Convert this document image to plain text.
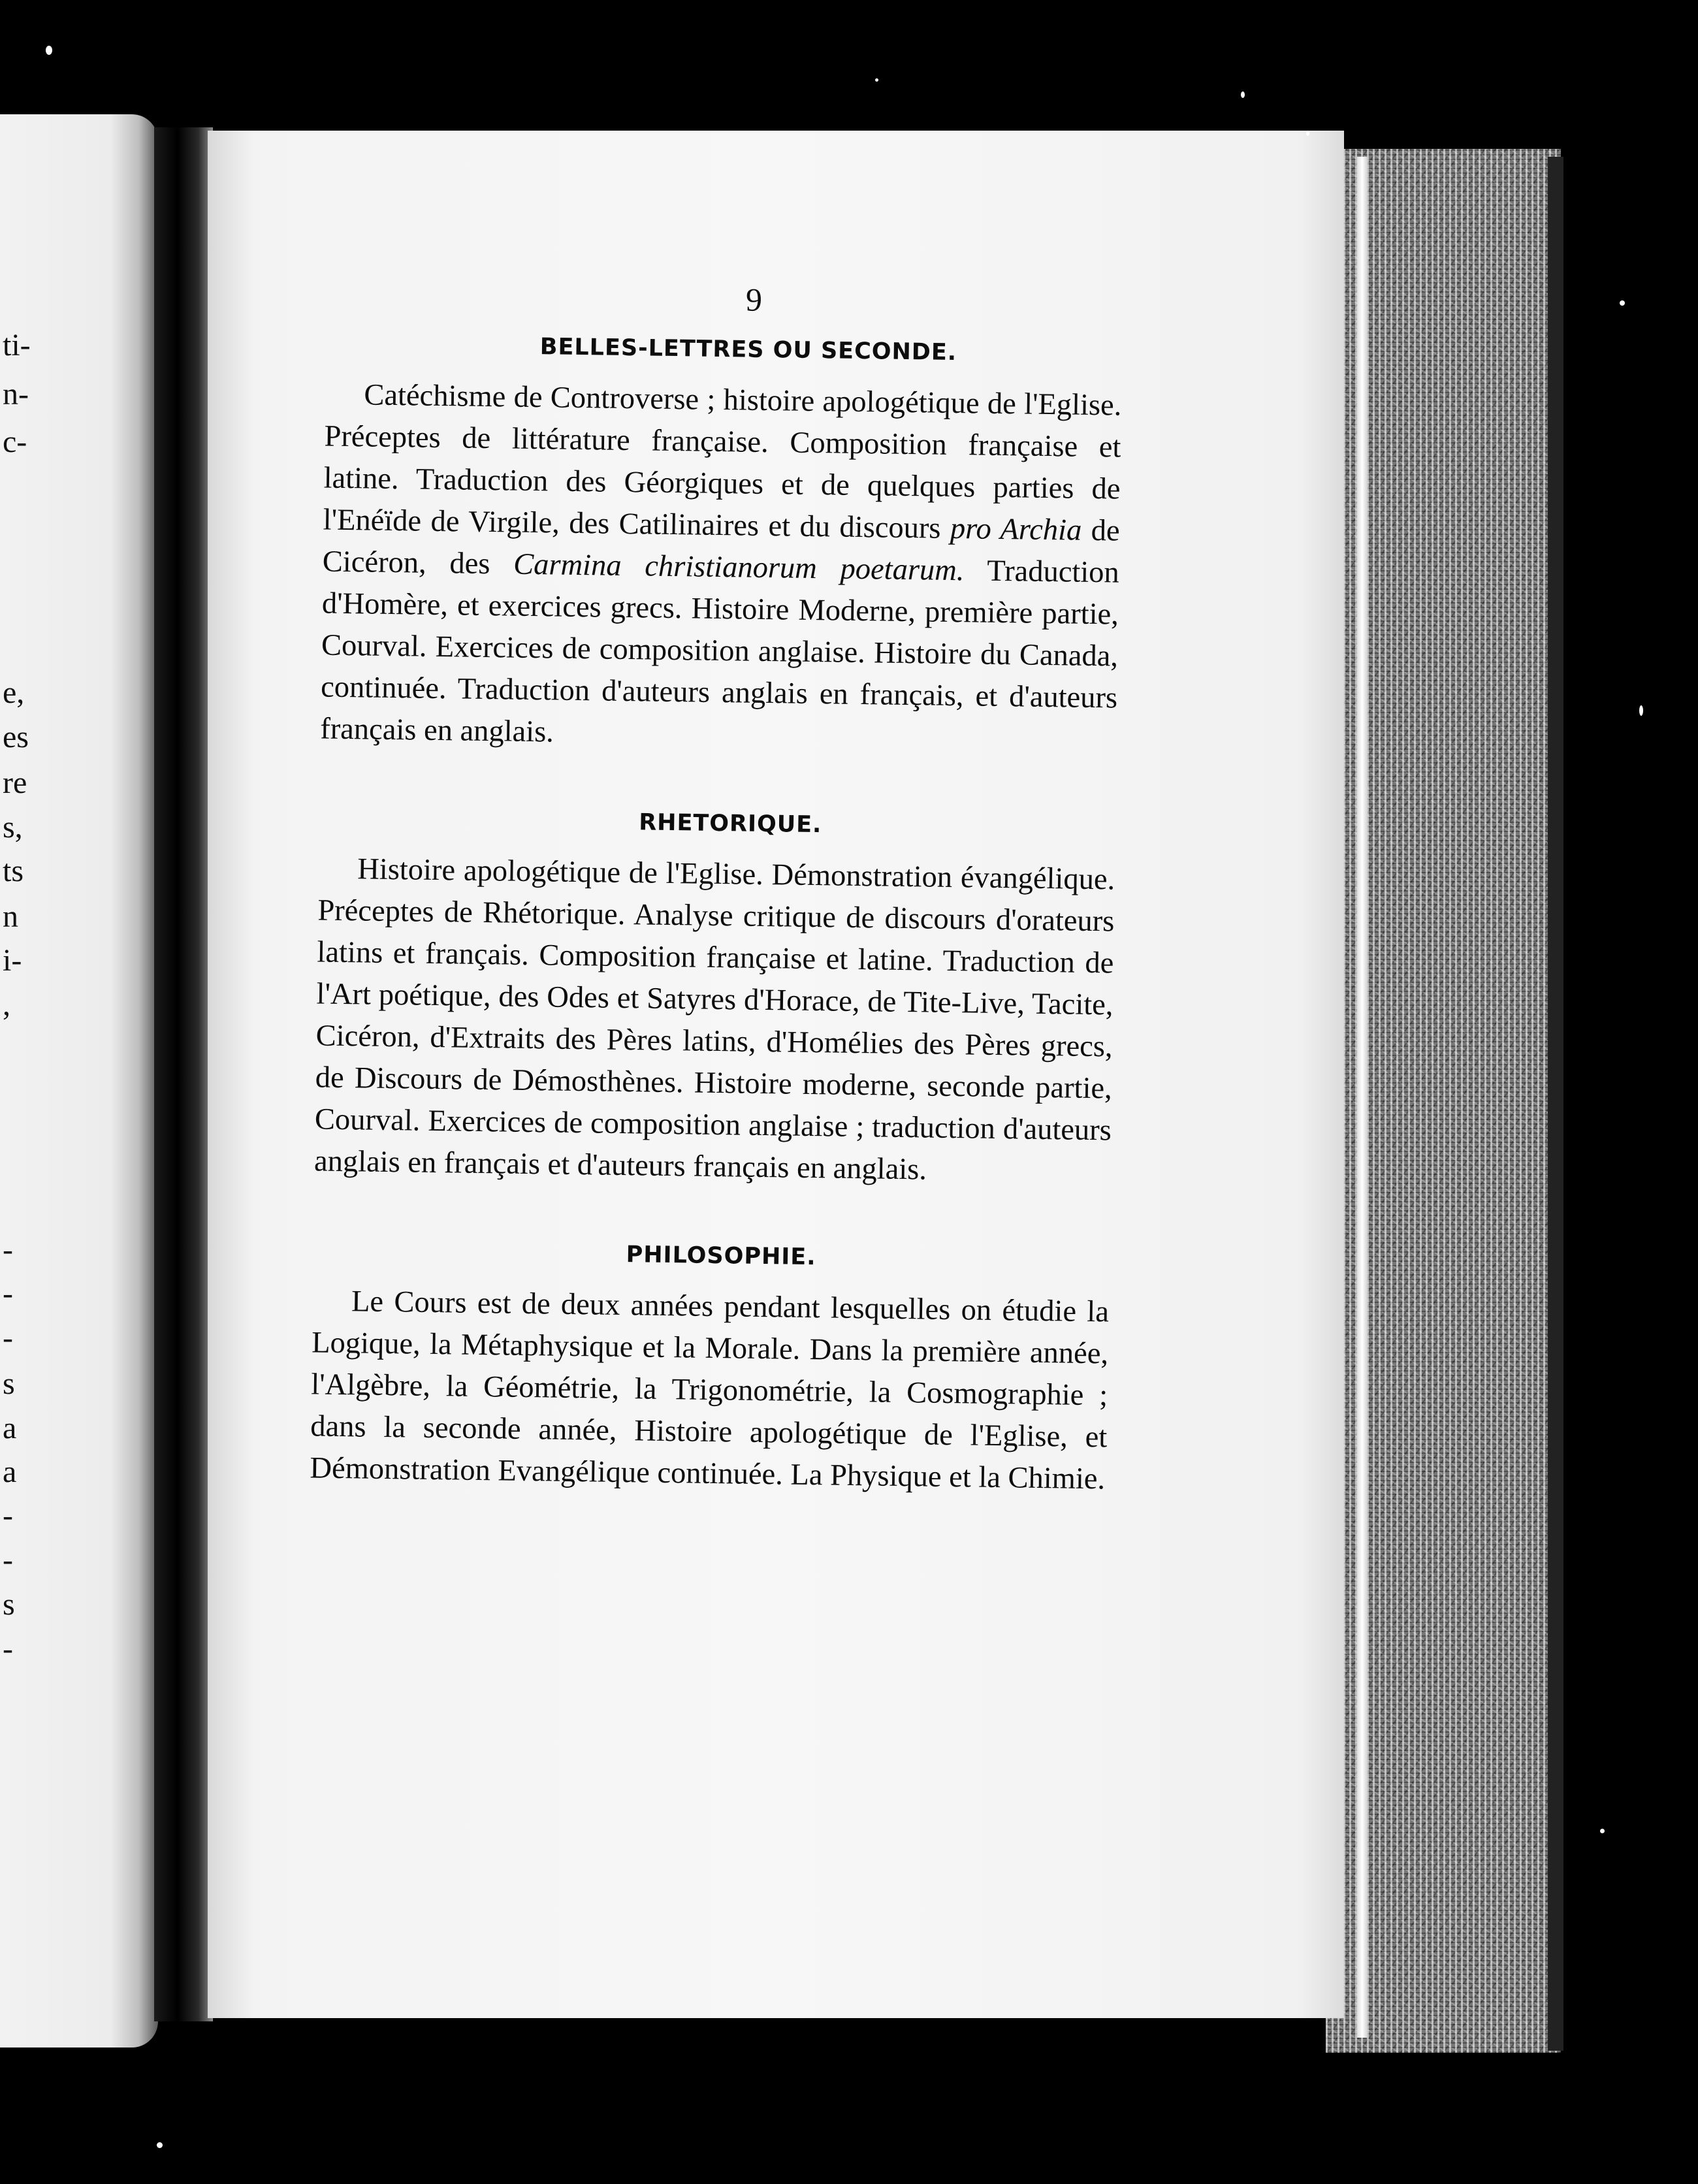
ti-
n-
c-
e,
es
re
s,
ts
n
i-
,
-
-
-
s
a
a
-
-
s
-
9
BELLES-LETTRES OU SECONDE.

Catéchisme de Controverse ; histoire apologétique de l'Eglise. Préceptes de littérature française. Composition française et latine. Traduction des Géorgiques et de quelques parties de l'Enéïde de Virgile, des Catilinaires et du discours pro Archia de Cicéron, des Carmina christianorum poetarum. Traduction d'Homère, et exercices grecs. Histoire Moderne, première partie, Courval. Exercices de composition anglaise. Histoire du Canada, continuée. Traduction d'auteurs anglais en français, et d'auteurs français en anglais.

RHETORIQUE.

Histoire apologétique de l'Eglise. Démonstration évangélique. Préceptes de Rhétorique. Analyse critique de discours d'orateurs latins et français. Composition française et latine. Traduction de l'Art poétique, des Odes et Satyres d'Horace, de Tite-Live, Tacite, Cicéron, d'Extraits des Pères latins, d'Homélies des Pères grecs, de Discours de Démosthènes. Histoire moderne, seconde partie, Courval. Exercices de composition anglaise ; traduction d'auteurs anglais en français et d'auteurs français en anglais.

PHILOSOPHIE.

Le Cours est de deux années pendant lesquelles on étudie la Logique, la Métaphysique et la Morale. Dans la première année, l'Algèbre, la Géométrie, la Trigonométrie, la Cosmographie ; dans la seconde année, Histoire apologétique de l'Eglise, et Démonstration Evangélique continuée. La Physique et la Chimie.
